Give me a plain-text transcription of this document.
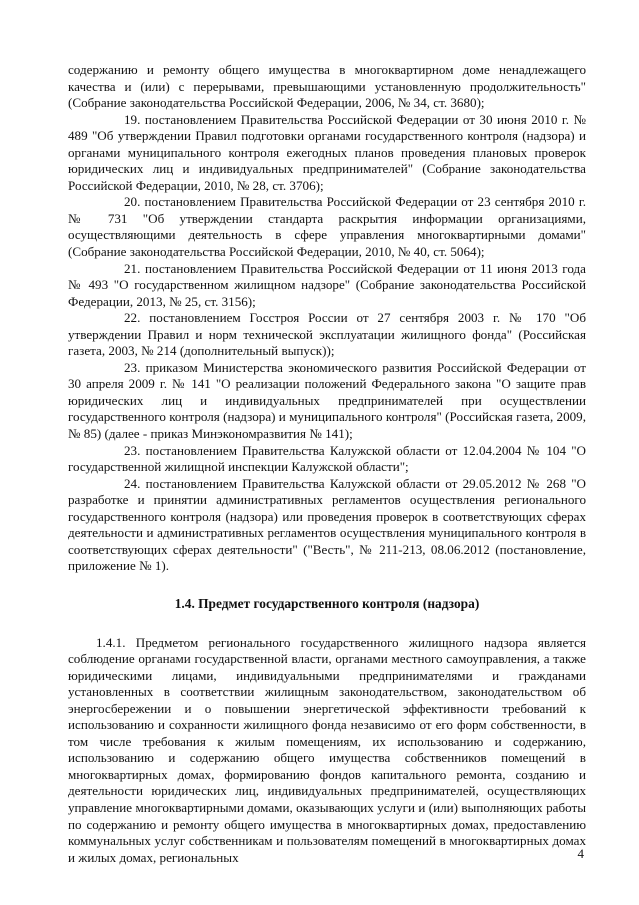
содержанию и ремонту общего имущества в многоквартирном доме ненадлежащего качества и (или) с перерывами, превышающими установленную продолжительность" (Собрание законодательства Российской Федерации, 2006, № 34, ст. 3680);

19. постановлением Правительства Российской Федерации от 30 июня 2010 г. № 489 "Об утверждении Правил подготовки органами государственного контроля (надзора) и органами муниципального контроля ежегодных планов проведения плановых проверок юридических лиц и индивидуальных предпринимателей" (Собрание законодательства Российской Федерации, 2010, № 28, ст. 3706);

20. постановлением Правительства Российской Федерации от 23 сентября 2010 г. № 731 "Об утверждении стандарта раскрытия информации организациями, осуществляющими деятельность в сфере управления многоквартирными домами" (Собрание законодательства Российской Федерации, 2010, № 40, ст. 5064);

21. постановлением Правительства Российской Федерации от 11 июня 2013 года № 493 "О государственном жилищном надзоре" (Собрание законодательства Российской Федерации, 2013, № 25, ст. 3156);

22. постановлением Госстроя России от 27 сентября 2003 г. № 170 "Об утверждении Правил и норм технической эксплуатации жилищного фонда" (Российская газета, 2003, № 214 (дополнительный выпуск));

23. приказом Министерства экономического развития Российской Федерации от 30 апреля 2009 г. № 141 "О реализации положений Федерального закона "О защите прав юридических лиц и индивидуальных предпринимателей при осуществлении государственного контроля (надзора) и муниципального контроля" (Российская газета, 2009, № 85) (далее - приказ Минэкономразвития № 141);

23. постановлением Правительства Калужской области от 12.04.2004 № 104 "О государственной жилищной инспекции Калужской области";

24. постановлением Правительства Калужской области от 29.05.2012 № 268 "О разработке и принятии административных регламентов осуществления регионального государственного контроля (надзора) или проведения проверок в соответствующих сферах деятельности и административных регламентов осуществления муниципального контроля в соответствующих сферах деятельности" ("Весть", № 211-213, 08.06.2012 (постановление, приложение № 1).

1.4. Предмет государственного контроля (надзора)

1.4.1. Предметом регионального государственного жилищного надзора является соблюдение органами государственной власти, органами местного самоуправления, а также юридическими лицами, индивидуальными предпринимателями и гражданами установленных в соответствии жилищным законодательством, законодательством об энергосбережении и о повышении энергетической эффективности требований к использованию и сохранности жилищного фонда независимо от его форм собственности, в том числе требования к жилым помещениям, их использованию и содержанию, использованию и содержанию общего имущества собственников помещений в многоквартирных домах, формированию фондов капитального ремонта, созданию и деятельности юридических лиц, индивидуальных предпринимателей, осуществляющих управление многоквартирными домами, оказывающих услуги и (или) выполняющих работы по содержанию и ремонту общего имущества в многоквартирных домах, предоставлению коммунальных услуг собственникам и пользователям помещений в многоквартирных домах и жилых домах, региональных	4
